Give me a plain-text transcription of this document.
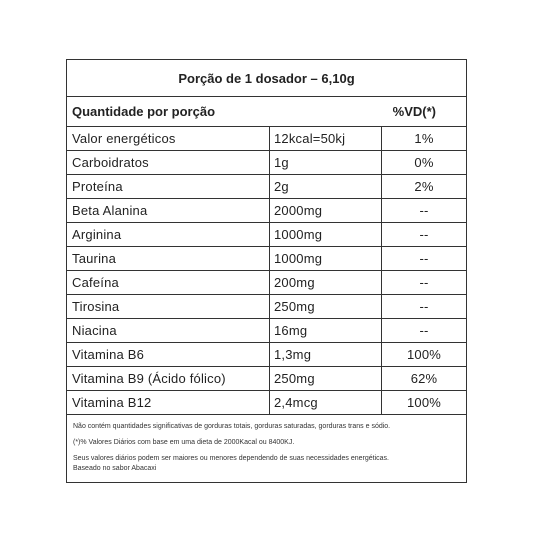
Porção de 1 dosador – 6,10g
Quantidade por porção	%VD(*)
Valor energéticos	12kcal=50kj	1%
Carboidratos	1g	0%
Proteína	2g	2%
Beta Alanina	2000mg	--
Arginina	1000mg	--
Taurina	1000mg	--
Cafeína	200mg	--
Tirosina	250mg	--
Niacina	16mg	--
Vitamina B6	1,3mg	100%
Vitamina B9 (Ácido fólico)	250mg	62%
Vitamina B12	2,4mcg	100%

Não contém quantidades significativas de gorduras totais, gorduras saturadas, gorduras trans e sódio.

(*)% Valores Diários com base em uma dieta de 2000Kacal ou 8400KJ.

Seus valores diários podem ser maiores ou menores dependendo de suas necessidades energéticas.

Baseado no sabor Abacaxi
